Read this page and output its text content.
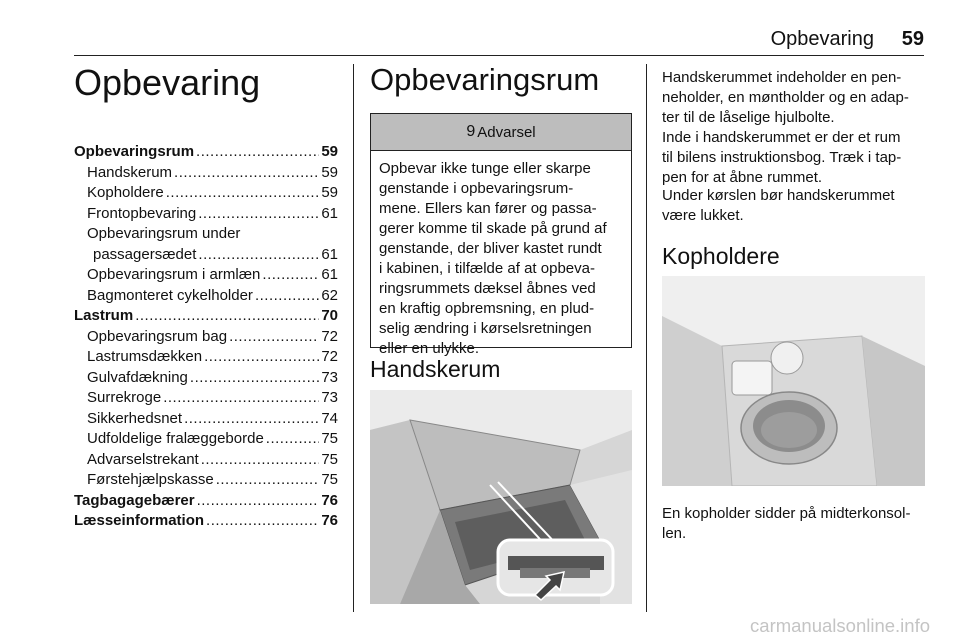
Opbevaring 59
Opbevaring
Opbevaringsrum .....	59
Handskerum .....	59
Kopholdere .....	59
Frontopbevaring .....	61
Opbevaringsrum under
passagersædet .....	61
Opbevaringsrum i armlæn .....	61
Bagmonteret cykelholder .....	62
Lastrum .....	70
Opbevaringsrum bag .....	72
Lastrumsdækken .....	72
Gulvafdækning .....	73
Surrekroge .....	73
Sikkerhedsnet .....	74
Udfoldelige fralæggeborde .....	75
Advarselstrekant .....	75
Førstehjælpskasse .....	75
Tagbagagebærer .....	76
Læsseinformation .....	76
Opbevaringsrum
9 Advarsel
Opbevar ikke tunge eller skarpe
genstande i opbevaringsrum-
mene. Ellers kan fører og passa-
gerer komme til skade på grund af
genstande, der bliver kastet rundt
i kabinen, i tilfælde af at opbeva-
ringsrummets dæksel åbnes ved
en kraftig opbremsning, en plud-
selig ændring i kørselsretningen
eller en ulykke.
Handskerum
Handskerummet indeholder en pen-
neholder, en møntholder og en adap-
ter til de låselige hjulbolte.
Inde i handskerummet er der et rum
til bilens instruktionsbog. Træk i tap-
pen for at åbne rummet.
Under kørslen bør handskerummet
være lukket.
Kopholdere
En kopholder sidder på midterkonsol-
len.
carmanualsonline.info
